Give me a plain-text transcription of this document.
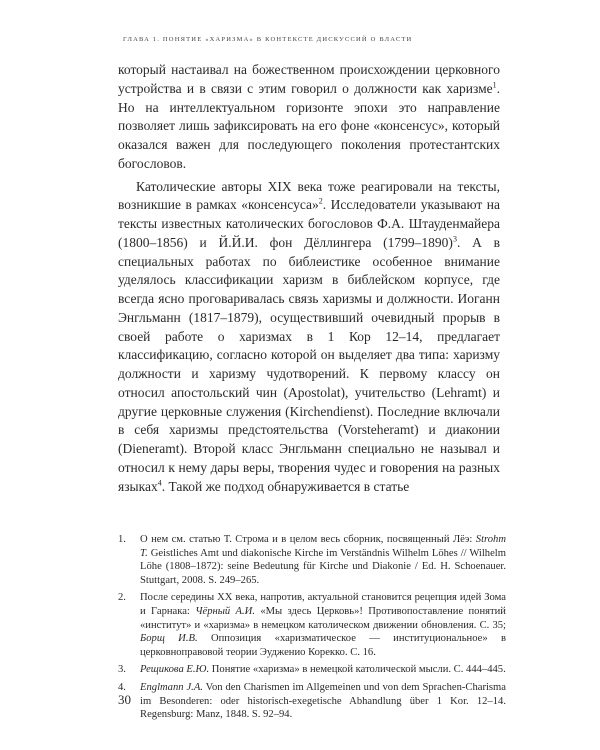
ГЛАВА 1. ПОНЯТИЕ «ХАРИЗМА» В КОНТЕКСТЕ ДИСКУССИЙ О ВЛАСТИ

который настаивал на божественном происхождении церковного устройства и в связи с этим говорил о должности как харизме$^1$. Но на интеллектуальном горизонте эпохи это направление позволяет лишь зафиксировать на его фоне «консенсус», который оказался важен для последующего поколения протестантских богословов.

Католические авторы XIX века тоже реагировали на тексты, возникшие в рамках «консенсуса»$^2$. Исследователи указывают на тексты известных католических богословов Ф.А. Штауденмайера (1800–1856) и Й.Й.И. фон Дёллингера (1799–1890)$^3$. А в специальных работах по библеистике особенное внимание уделялось классификации харизм в библейском корпусе, где всегда ясно проговаривалась связь харизмы и должности. Иоганн Энгльманн (1817–1879), осуществивший очевидный прорыв в своей работе о харизмах в 1 Кор 12–14, предлагает классификацию, согласно которой он выделяет два типа: харизму должности и харизму чудотворений. К первому классу он относил апостольский чин (Apostolat), учительство (Lehramt) и другие церковные служения (Kirchendienst). Последние включали в себя харизмы предстоятельства (Vorsteheramt) и диаконии (Dieneramt). Второй класс Энгльманн специально не называл и относил к нему дары веры, творения чудес и говорения на разных языках$^4$. Такой же подход обнаруживается в статье

1.	О нем см. статью Т. Строма и в целом весь сборник, посвященный Лёэ: Strohm T. Geistliches Amt und diakonische Kirche im Verständnis Wilhelm Löhes // Wilhelm Löhe (1808–1872): seine Bedeutung für Kirche und Diakonie / Ed. H. Schoenauer. Stuttgart, 2008. S. 249–265.
2.	После середины XX века, напротив, актуальной становится рецепция идей Зома и Гарнака: Чёрный А.И. «Мы здесь Церковь»! Противопоставление понятий «институт» и «харизма» в немецком католическом движении обновления. С. 35; Борщ И.В. Оппозиция «харизматическое — институциональное» в церковноправовой теории Эудженио Корекко. С. 16.
3.	Рещикова Е.Ю. Понятие «харизма» в немецкой католической мысли. С. 444–445.
4.	Englmann J.A. Von den Charismen im Allgemeinen und von dem Sprachen-Charisma im Besonderen: oder historisch-exegetische Abhandlung über 1 Kor. 12–14. Regensburg: Manz, 1848. S. 92–94.
30
